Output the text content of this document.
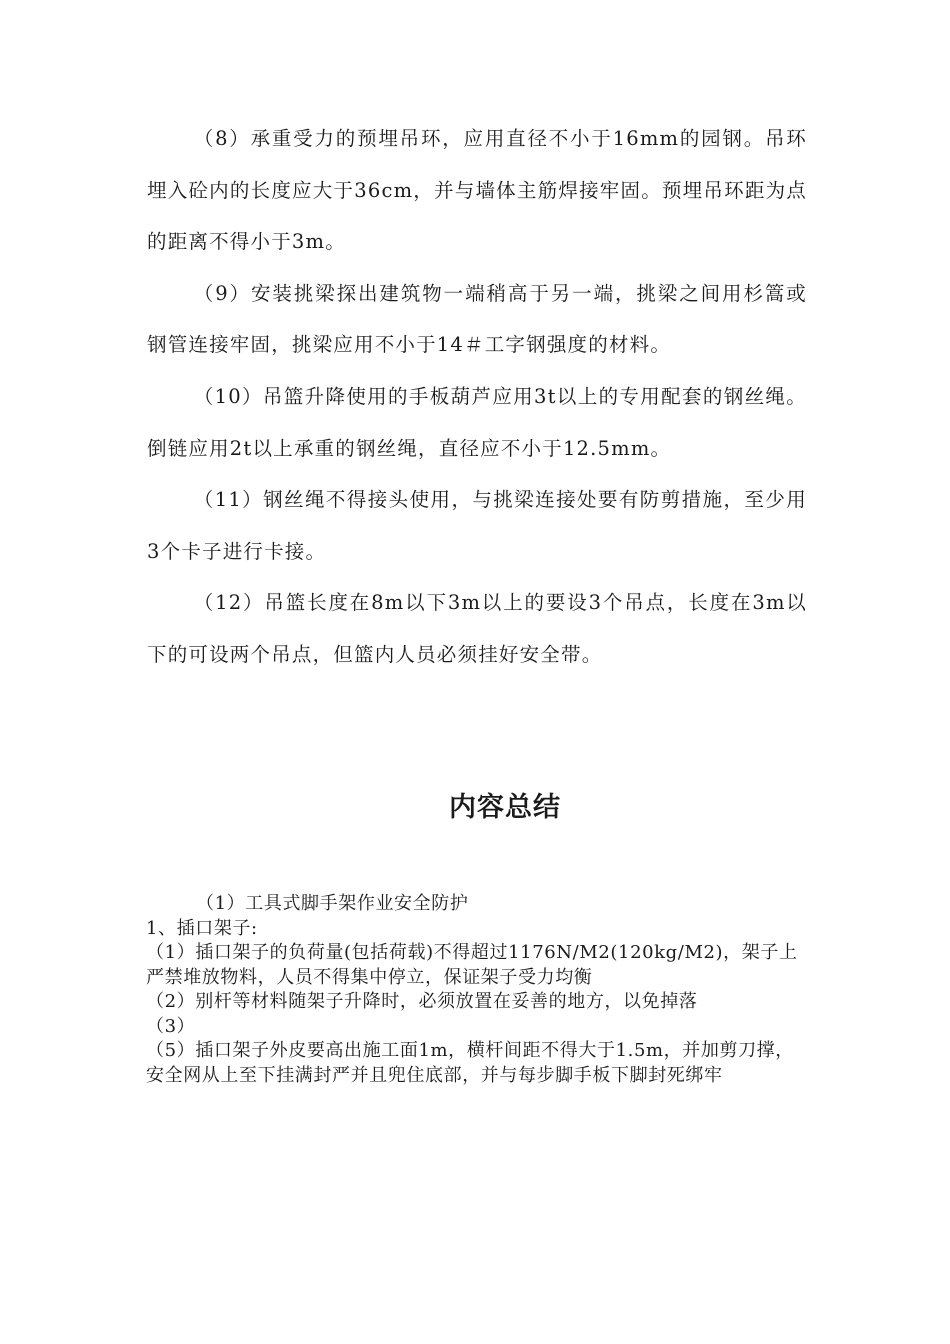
（8）承重受力的预埋吊环，应用直径不小于16mm的园钢。吊环埋入砼内的长度应大于36cm，并与墙体主筋焊接牢固。预埋吊环距为点的距离不得小于3m。

（9）安装挑梁探出建筑物一端稍高于另一端，挑梁之间用杉篙或钢管连接牢固，挑梁应用不小于14＃工字钢强度的材料。

（10）吊篮升降使用的手板葫芦应用3t以上的专用配套的钢丝绳。倒链应用2t以上承重的钢丝绳，直径应不小于12.5mm。

（11）钢丝绳不得接头使用，与挑梁连接处要有防剪措施，至少用3个卡子进行卡接。

（12）吊篮长度在8m以下3m以上的要设3个吊点，长度在3m以下的可设两个吊点，但篮内人员必须挂好安全带。

内容总结

（1）工具式脚手架作业安全防护

1、插口架子:

（1）插口架子的负荷量(包括荷载)不得超过1176N/M2(120kg/M2)，架子上严禁堆放物料，人员不得集中停立，保证架子受力均衡

（2）别杆等材料随架子升降时，必须放置在妥善的地方，以免掉落

（3）

（5）插口架子外皮要高出施工面1m，横杆间距不得大于1.5m，并加剪刀撑，安全网从上至下挂满封严并且兜住底部，并与每步脚手板下脚封死绑牢
